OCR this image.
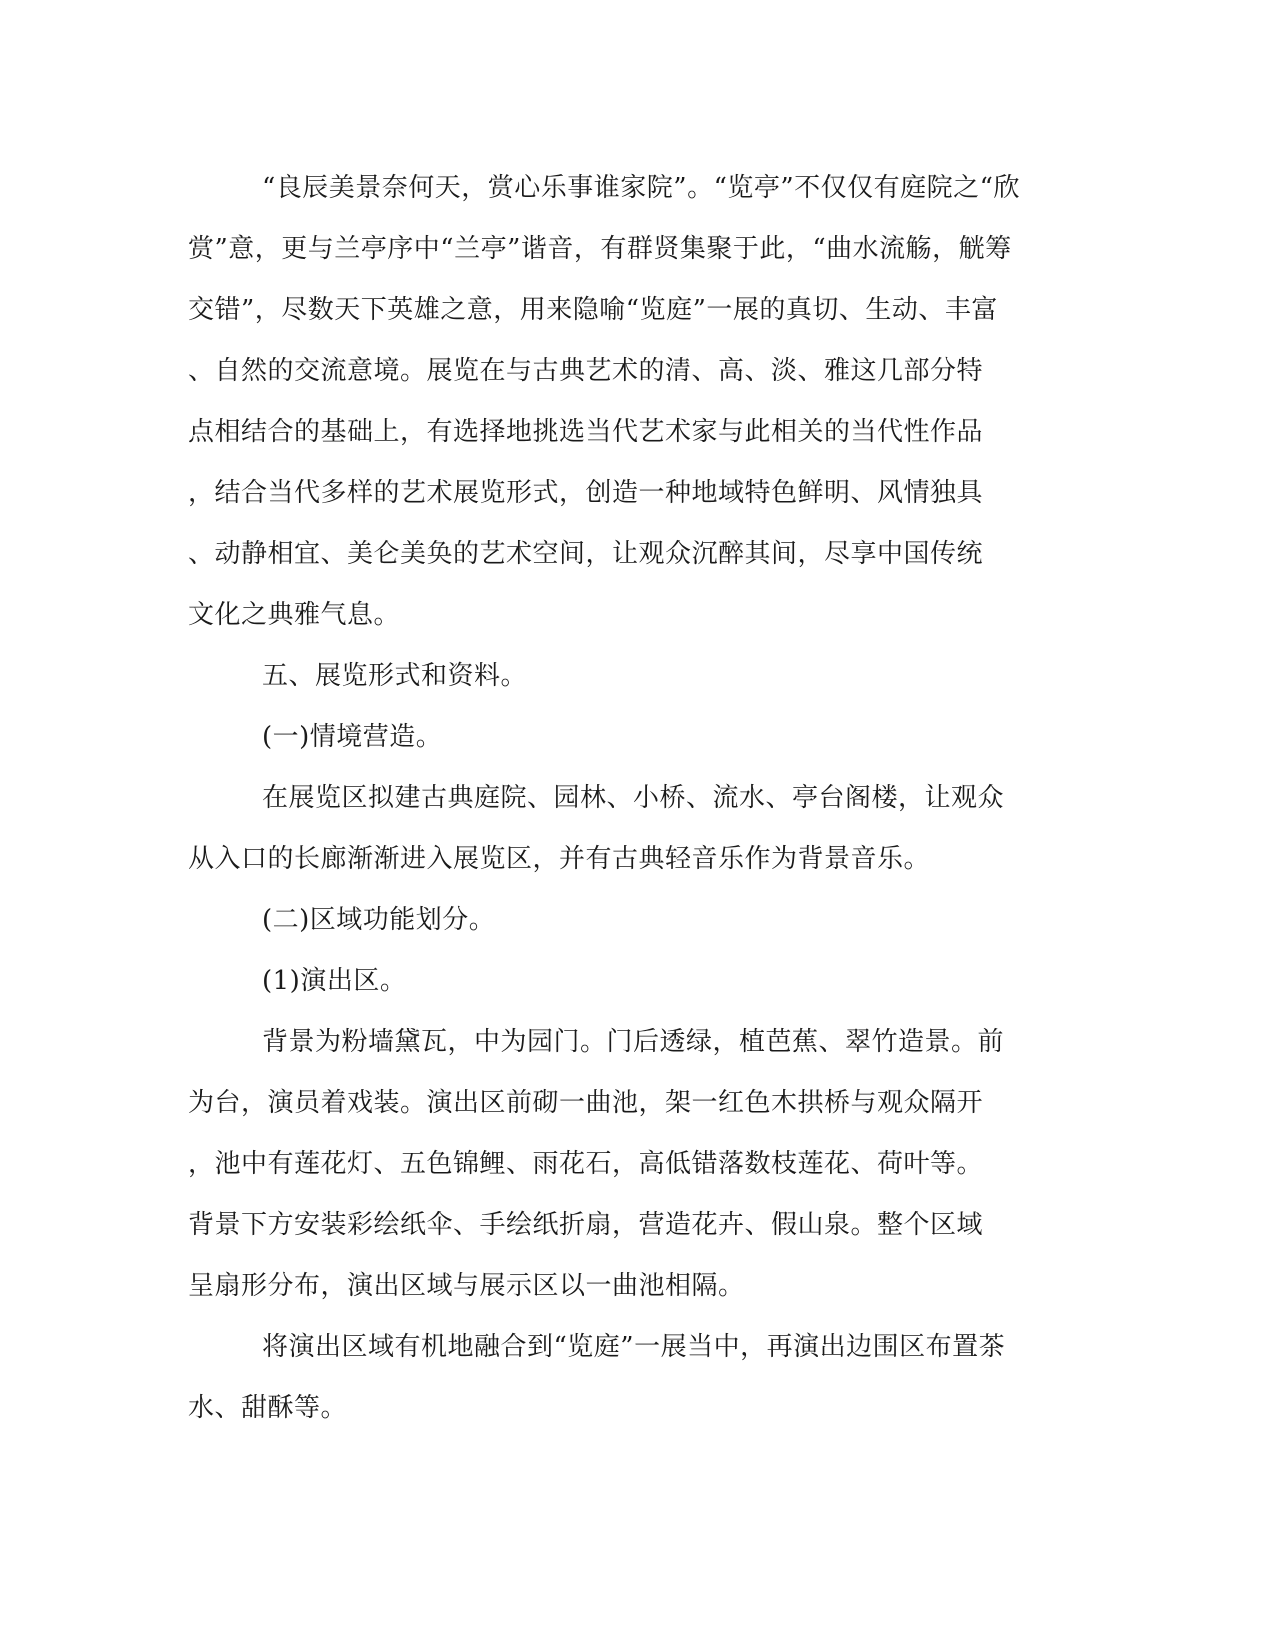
“良辰美景奈何天，赏心乐事谁家院”。“览亭”不仅仅有庭院之“欣
赏”意，更与兰亭序中“兰亭”谐音，有群贤集聚于此，“曲水流觞，觥筹
交错”，尽数天下英雄之意，用来隐喻“览庭”一展的真切、生动、丰富
、自然的交流意境。展览在与古典艺术的清、高、淡、雅这几部分特
点相结合的基础上，有选择地挑选当代艺术家与此相关的当代性作品
，结合当代多样的艺术展览形式，创造一种地域特色鲜明、风情独具
、动静相宜、美仑美奂的艺术空间，让观众沉醉其间，尽享中国传统
文化之典雅气息。
五、展览形式和资料。
(一)情境营造。
在展览区拟建古典庭院、园林、小桥、流水、亭台阁楼，让观众
从入口的长廊渐渐进入展览区，并有古典轻音乐作为背景音乐。
(二)区域功能划分。
(1)演出区。
背景为粉墙黛瓦，中为园门。门后透绿，植芭蕉、翠竹造景。前
为台，演员着戏装。演出区前砌一曲池，架一红色木拱桥与观众隔开
，池中有莲花灯、五色锦鲤、雨花石，高低错落数枝莲花、荷叶等。
背景下方安装彩绘纸伞、手绘纸折扇，营造花卉、假山泉。整个区域
呈扇形分布，演出区域与展示区以一曲池相隔。
将演出区域有机地融合到“览庭”一展当中，再演出边围区布置茶
水、甜酥等。
